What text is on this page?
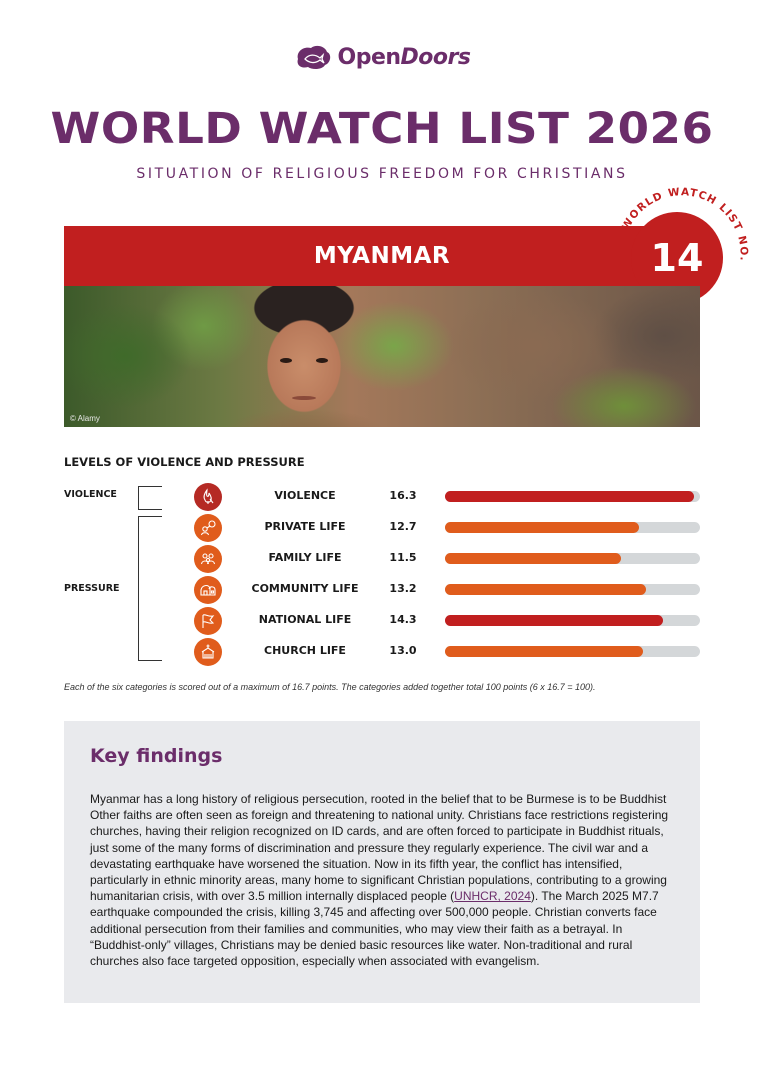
OpenDoors
WORLD WATCH LIST 2026
SITUATION OF RELIGIOUS FREEDOM FOR CHRISTIANS
MYANMAR
WORLD WATCH LIST NO.
14
© Alamy
LEVELS OF VIOLENCE AND PRESSURE
VIOLENCE
PRESSURE
VIOLENCE	16.3
PRIVATE LIFE	12.7
FAMILY LIFE	11.5
COMMUNITY LIFE	13.2
NATIONAL LIFE	14.3
CHURCH LIFE	13.0
Each of the six categories is scored out of a maximum of 16.7 points. The categories added together total 100 points (6 x 16.7 = 100).
Key findings

Myanmar has a long history of religious persecution, rooted in the belief that to be Burmese is to be Buddhist Other faiths are often seen as foreign and threatening to national unity. Christians face restrictions registering churches, having their religion recognized on ID cards, and are often forced to participate in Buddhist rituals, just some of the many forms of discrimination and pressure they regularly experience. The civil war and a devastating earthquake have worsened the situation. Now in its fifth year, the conflict has intensified, particularly in ethnic minority areas, many home to significant Christian populations, contributing to a growing humanitarian crisis, with over 3.5 million internally displaced people (UNHCR, 2024). The March 2025 M7.7 earthquake compounded the crisis, killing 3,745 and affecting over 500,000 people. Christian converts face additional persecution from their families and communities, who may view their faith as a betrayal. In “Buddhist-only” villages, Christians may be denied basic resources like water. Non-traditional and rural churches also face targeted opposition, especially when associated with evangelism.
